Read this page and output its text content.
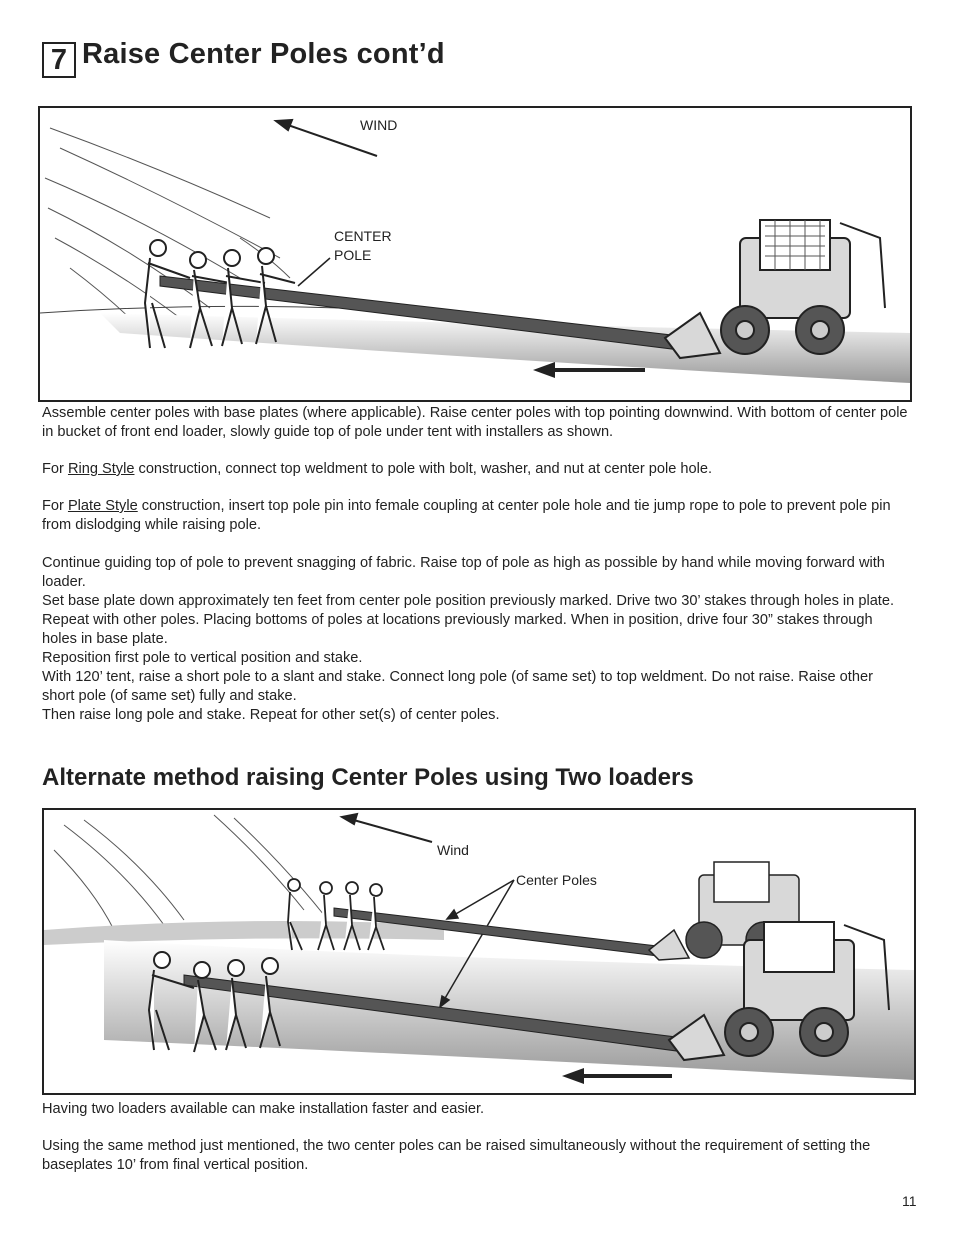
7 Raise Center Poles cont’d
WIND
CENTER
POLE

Assemble center poles with base plates (where applicable). Raise center poles with top pointing downwind. With bottom of center pole in bucket of front end loader, slowly guide top of pole under tent with installers as shown.

For Ring Style construction, connect top weldment to pole with bolt, washer, and nut at center pole hole.

For Plate Style construction, insert top pole pin into female coupling at center pole hole and tie jump rope to pole to prevent pole pin from dislodging while raising pole.

Continue guiding top of pole to prevent snagging of fabric. Raise top of pole as high as possible by hand while moving forward with loader.
Set base plate down approximately ten feet from center pole position previously marked. Drive two 30’ stakes through holes in plate.
Repeat with other poles. Placing bottoms of poles at locations previously marked. When in position, drive four 30” stakes through holes in base plate.
Reposition first pole to vertical position and stake.
With 120’ tent, raise a short pole to a slant and stake. Connect long pole (of same set) to top weldment. Do not raise. Raise other short pole (of same set) fully and stake.
Then raise long pole and stake. Repeat for other set(s) of center poles.
Alternate method raising Center Poles using Two loaders
Wind
Center Poles

Having two loaders available can make installation faster and easier.

Using the same method just mentioned, the two center poles can be raised simultaneously without the requirement of setting the baseplates 10’ from final vertical position.

11
